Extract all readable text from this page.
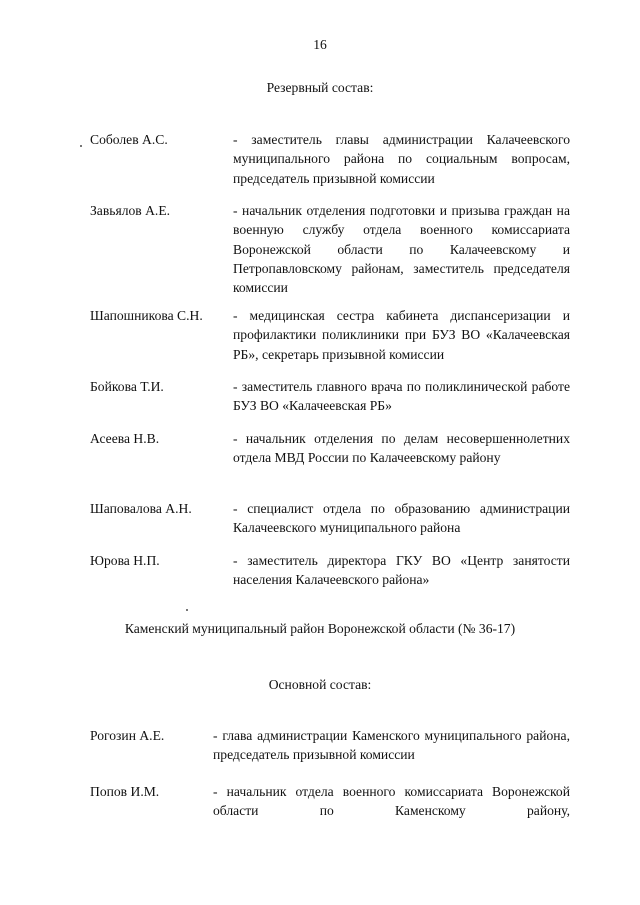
16
Резервный состав:
Соболев А.С.	- заместитель главы администрации Калачеевского муниципального района по социальным вопросам, председатель призывной комиссии
Завьялов А.Е.	- начальник отделения подготовки и призыва граждан на военную службу отдела военного комиссариата Воронежской области по Калачеевскому и Петропавловскому районам, заместитель председателя комиссии
Шапошникова С.Н. - медицинская сестра кабинета диспансеризации и профилактики поликлиники при БУЗ ВО «Калачеевская РБ», секретарь призывной комиссии
Бойкова Т.И.	- заместитель главного врача по поликлинической работе БУЗ ВО «Калачеевская РБ»
Асеева Н.В.	- начальник отделения по делам несовершеннолетних отдела МВД России по Калачеевскому району
Шаповалова А.Н.	- специалист отдела по образованию администрации Калачеевского муниципального района
Юрова Н.П.	- заместитель директора ГКУ ВО «Центр занятости населения Калачеевского района»
Каменский муниципальный район Воронежской области (№ 36-17)
Основной состав:
Рогозин А.Е.	- глава администрации Каменского муниципального района, председатель призывной комиссии
Попов И.М.	- начальник отдела военного комиссариата Воронежской области по Каменскому району,
